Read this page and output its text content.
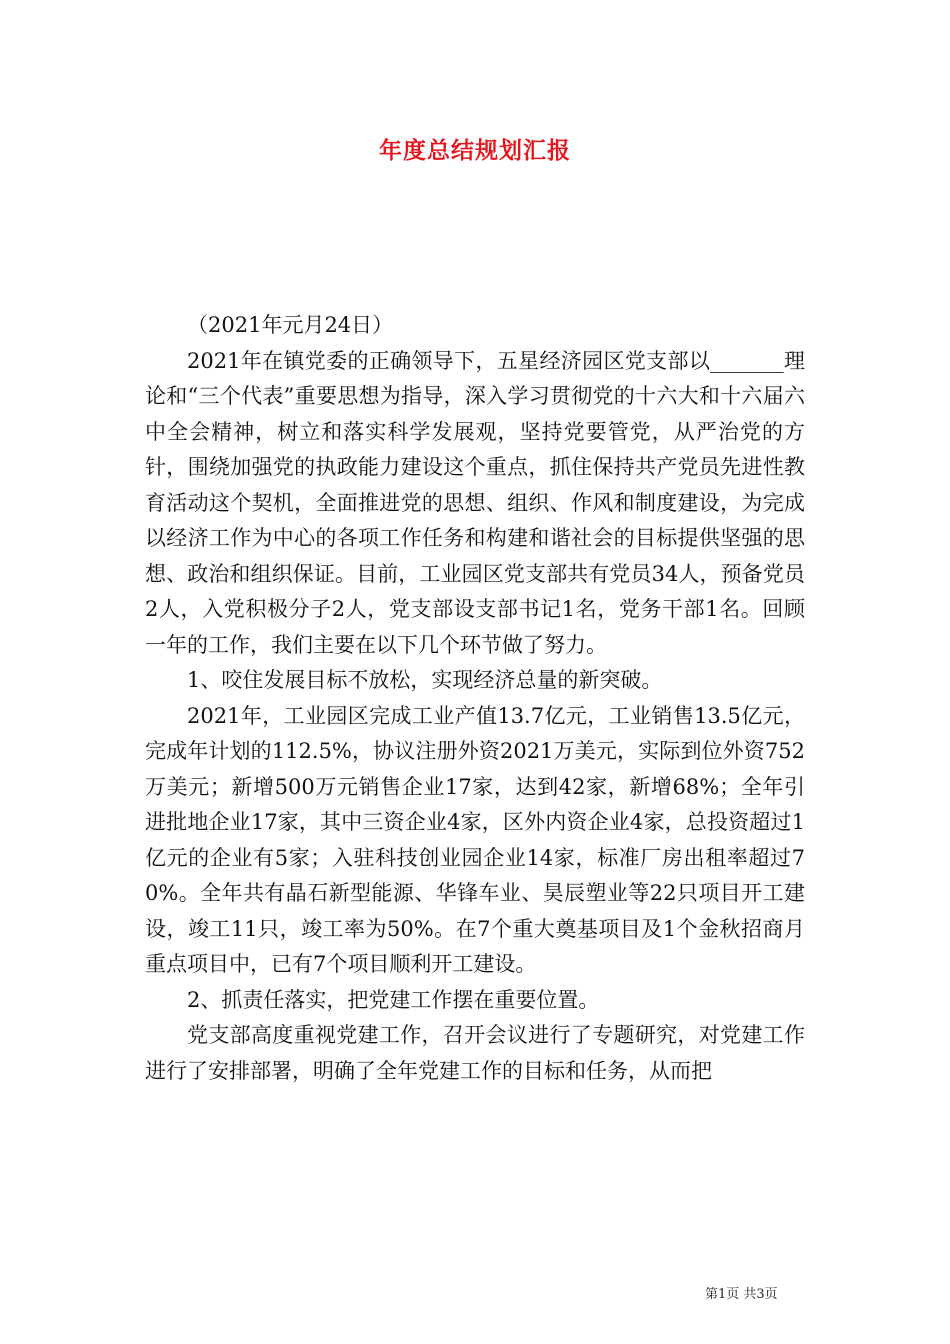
年度总结规划汇报

（2021年元月24日）

2021年在镇党委的正确领导下，五星经济园区党支部以_______理论和“三个代表”重要思想为指导，深入学习贯彻党的十六大和十六届六中全会精神，树立和落实科学发展观，坚持党要管党，从严治党的方针，围绕加强党的执政能力建设这个重点，抓住保持共产党员先进性教育活动这个契机，全面推进党的思想、组织、作风和制度建设，为完成以经济工作为中心的各项工作任务和构建和谐社会的目标提供坚强的思想、政治和组织保证。目前，工业园区党支部共有党员34人，预备党员2人，入党积极分子2人，党支部设支部书记1名，党务干部1名。回顾一年的工作，我们主要在以下几个环节做了努力。

1、咬住发展目标不放松，实现经济总量的新突破。

2021年，工业园区完成工业产值13.7亿元，工业销售13.5亿元，完成年计划的112.5%，协议注册外资2021万美元，实际到位外资752万美元；新增500万元销售企业17家，达到42家，新增68%；全年引进批地企业17家，其中三资企业4家，区外内资企业4家，总投资超过1亿元的企业有5家；入驻科技创业园企业14家，标准厂房出租率超过70%。全年共有晶石新型能源、华锋车业、昊辰塑业等22只项目开工建设，竣工11只，竣工率为50%。在7个重大奠基项目及1个金秋招商月重点项目中，已有7个项目顺利开工建设。

2、抓责任落实，把党建工作摆在重要位置。

党支部高度重视党建工作，召开会议进行了专题研究，对党建工作进行了安排部署，明确了全年党建工作的目标和任务，从而把

第1页 共3页
